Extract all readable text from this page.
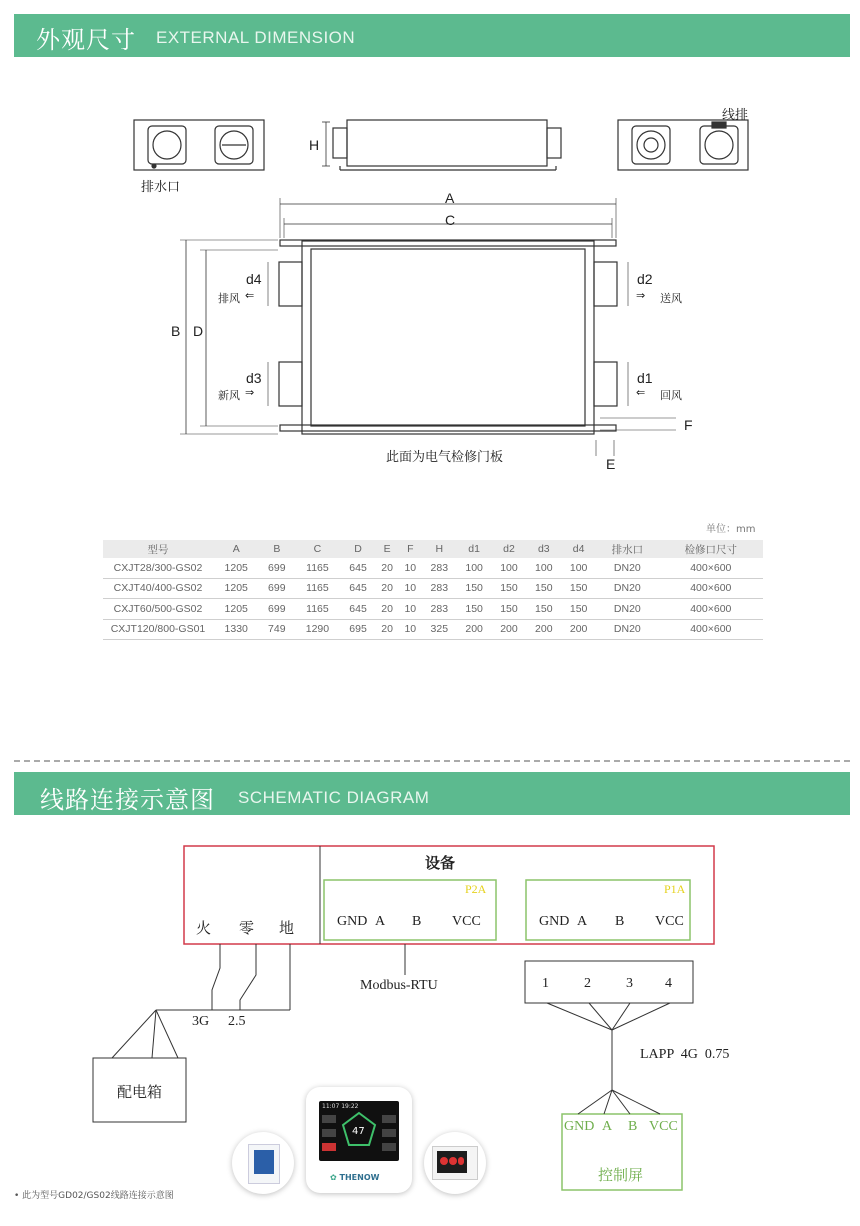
外观尺寸 EXTERNAL DIMENSION
排水口
线排
H
A
C
B D
d4
d3
d2
d1
排风 ⇐
新风 ⇒
⇒ 送风
⇐ 回风
F
E
此面为电气检修门板
单位：mm
型号	A	B	C	D	E	F	H	d1	d2	d3	d4	排水口	检修口尺寸
CXJT28/300-GS02	1205	699	1165	645	20	10	283	100	100	100	100	DN20	400×600
CXJT40/400-GS02	1205	699	1165	645	20	10	283	150	150	150	150	DN20	400×600
CXJT60/500-GS02	1205	699	1165	645	20	10	283	150	150	150	150	DN20	400×600
CXJT120/800-GS01	1330	749	1290	695	20	10	325	200	200	200	200	DN20	400×600
线路连接示意图 SCHEMATIC DIAGRAM
火 零 地
设备
P2A
GND A B VCC
P1A
GND A B VCC
Modbus-RTU
3G 2.5
配电箱
1	2	3 4
LAPP  4G  0.75
GND A B VCC
控制屏
11:07 19:22
47
✿ THENOW
• 此为型号GD02/GS02线路连接示意图
